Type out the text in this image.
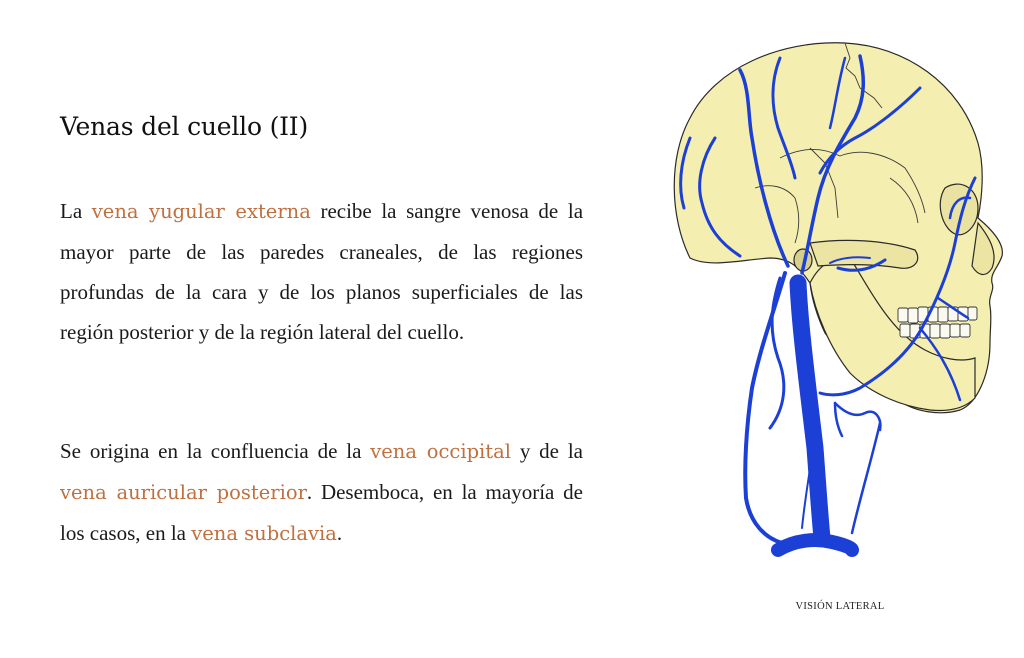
Venas del cuello (II)

La vena yugular externa recibe la sangre venosa de la mayor parte de las paredes craneales, de las regiones profundas de la cara y de los planos superficiales de las región posterior y de la región lateral del cuello.

Se origina en la confluencia de la vena occipital y de la vena auricular posterior. Desemboca, en la mayoría de los casos, en la vena subclavia.

VISIÓN LATERAL
